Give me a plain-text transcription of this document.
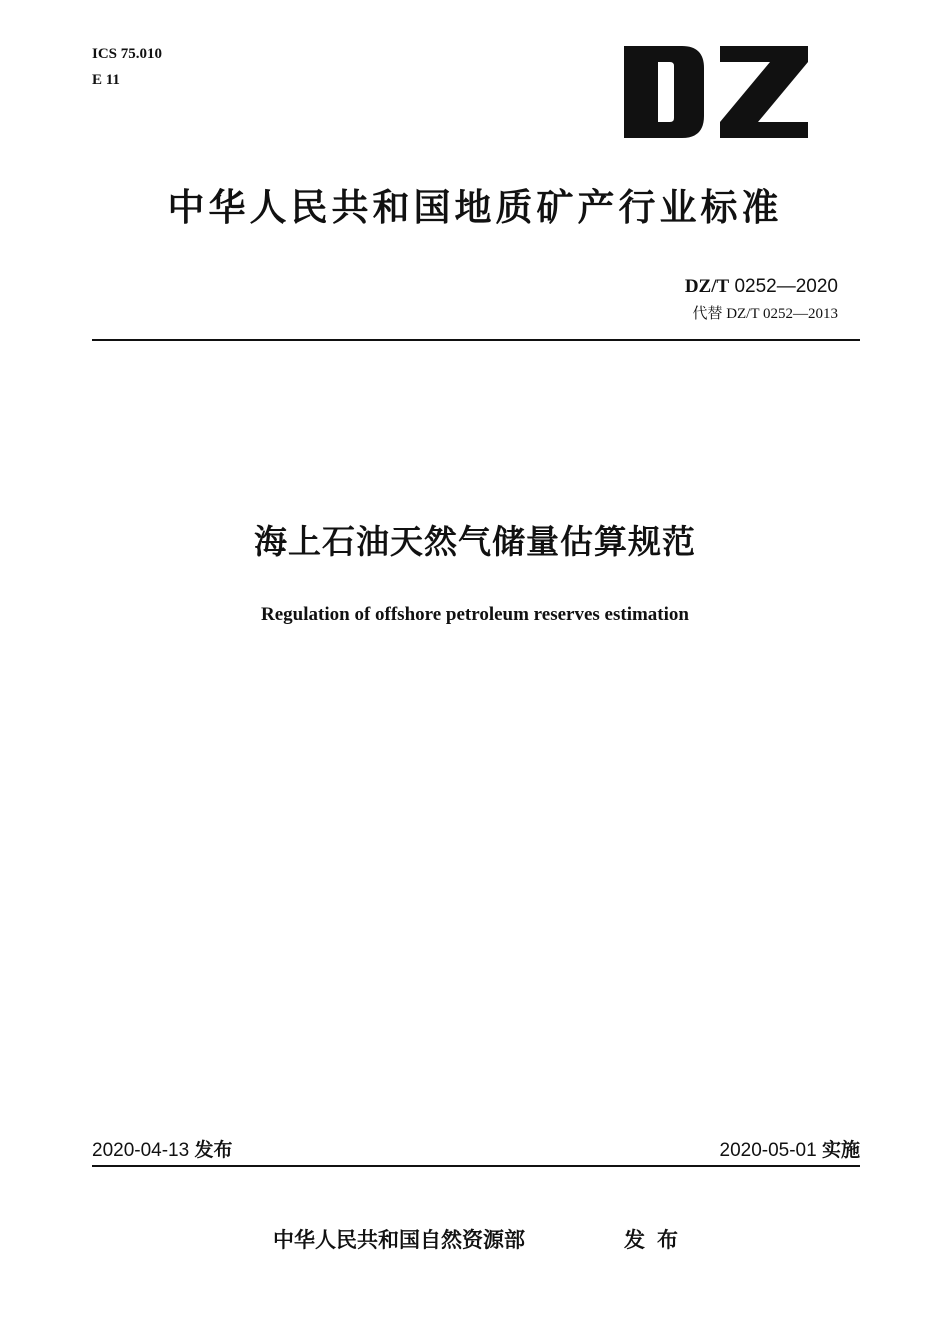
ICS 75.010
E 11
中华人民共和国地质矿产行业标准
DZ/T 0252—2020
代替 DZ/T 0252—2013
海上石油天然气储量估算规范
Regulation of offshore petroleum reserves estimation
2020-04-13 发布	2020-05-01 实施
中华人民共和国自然资源部	发布
